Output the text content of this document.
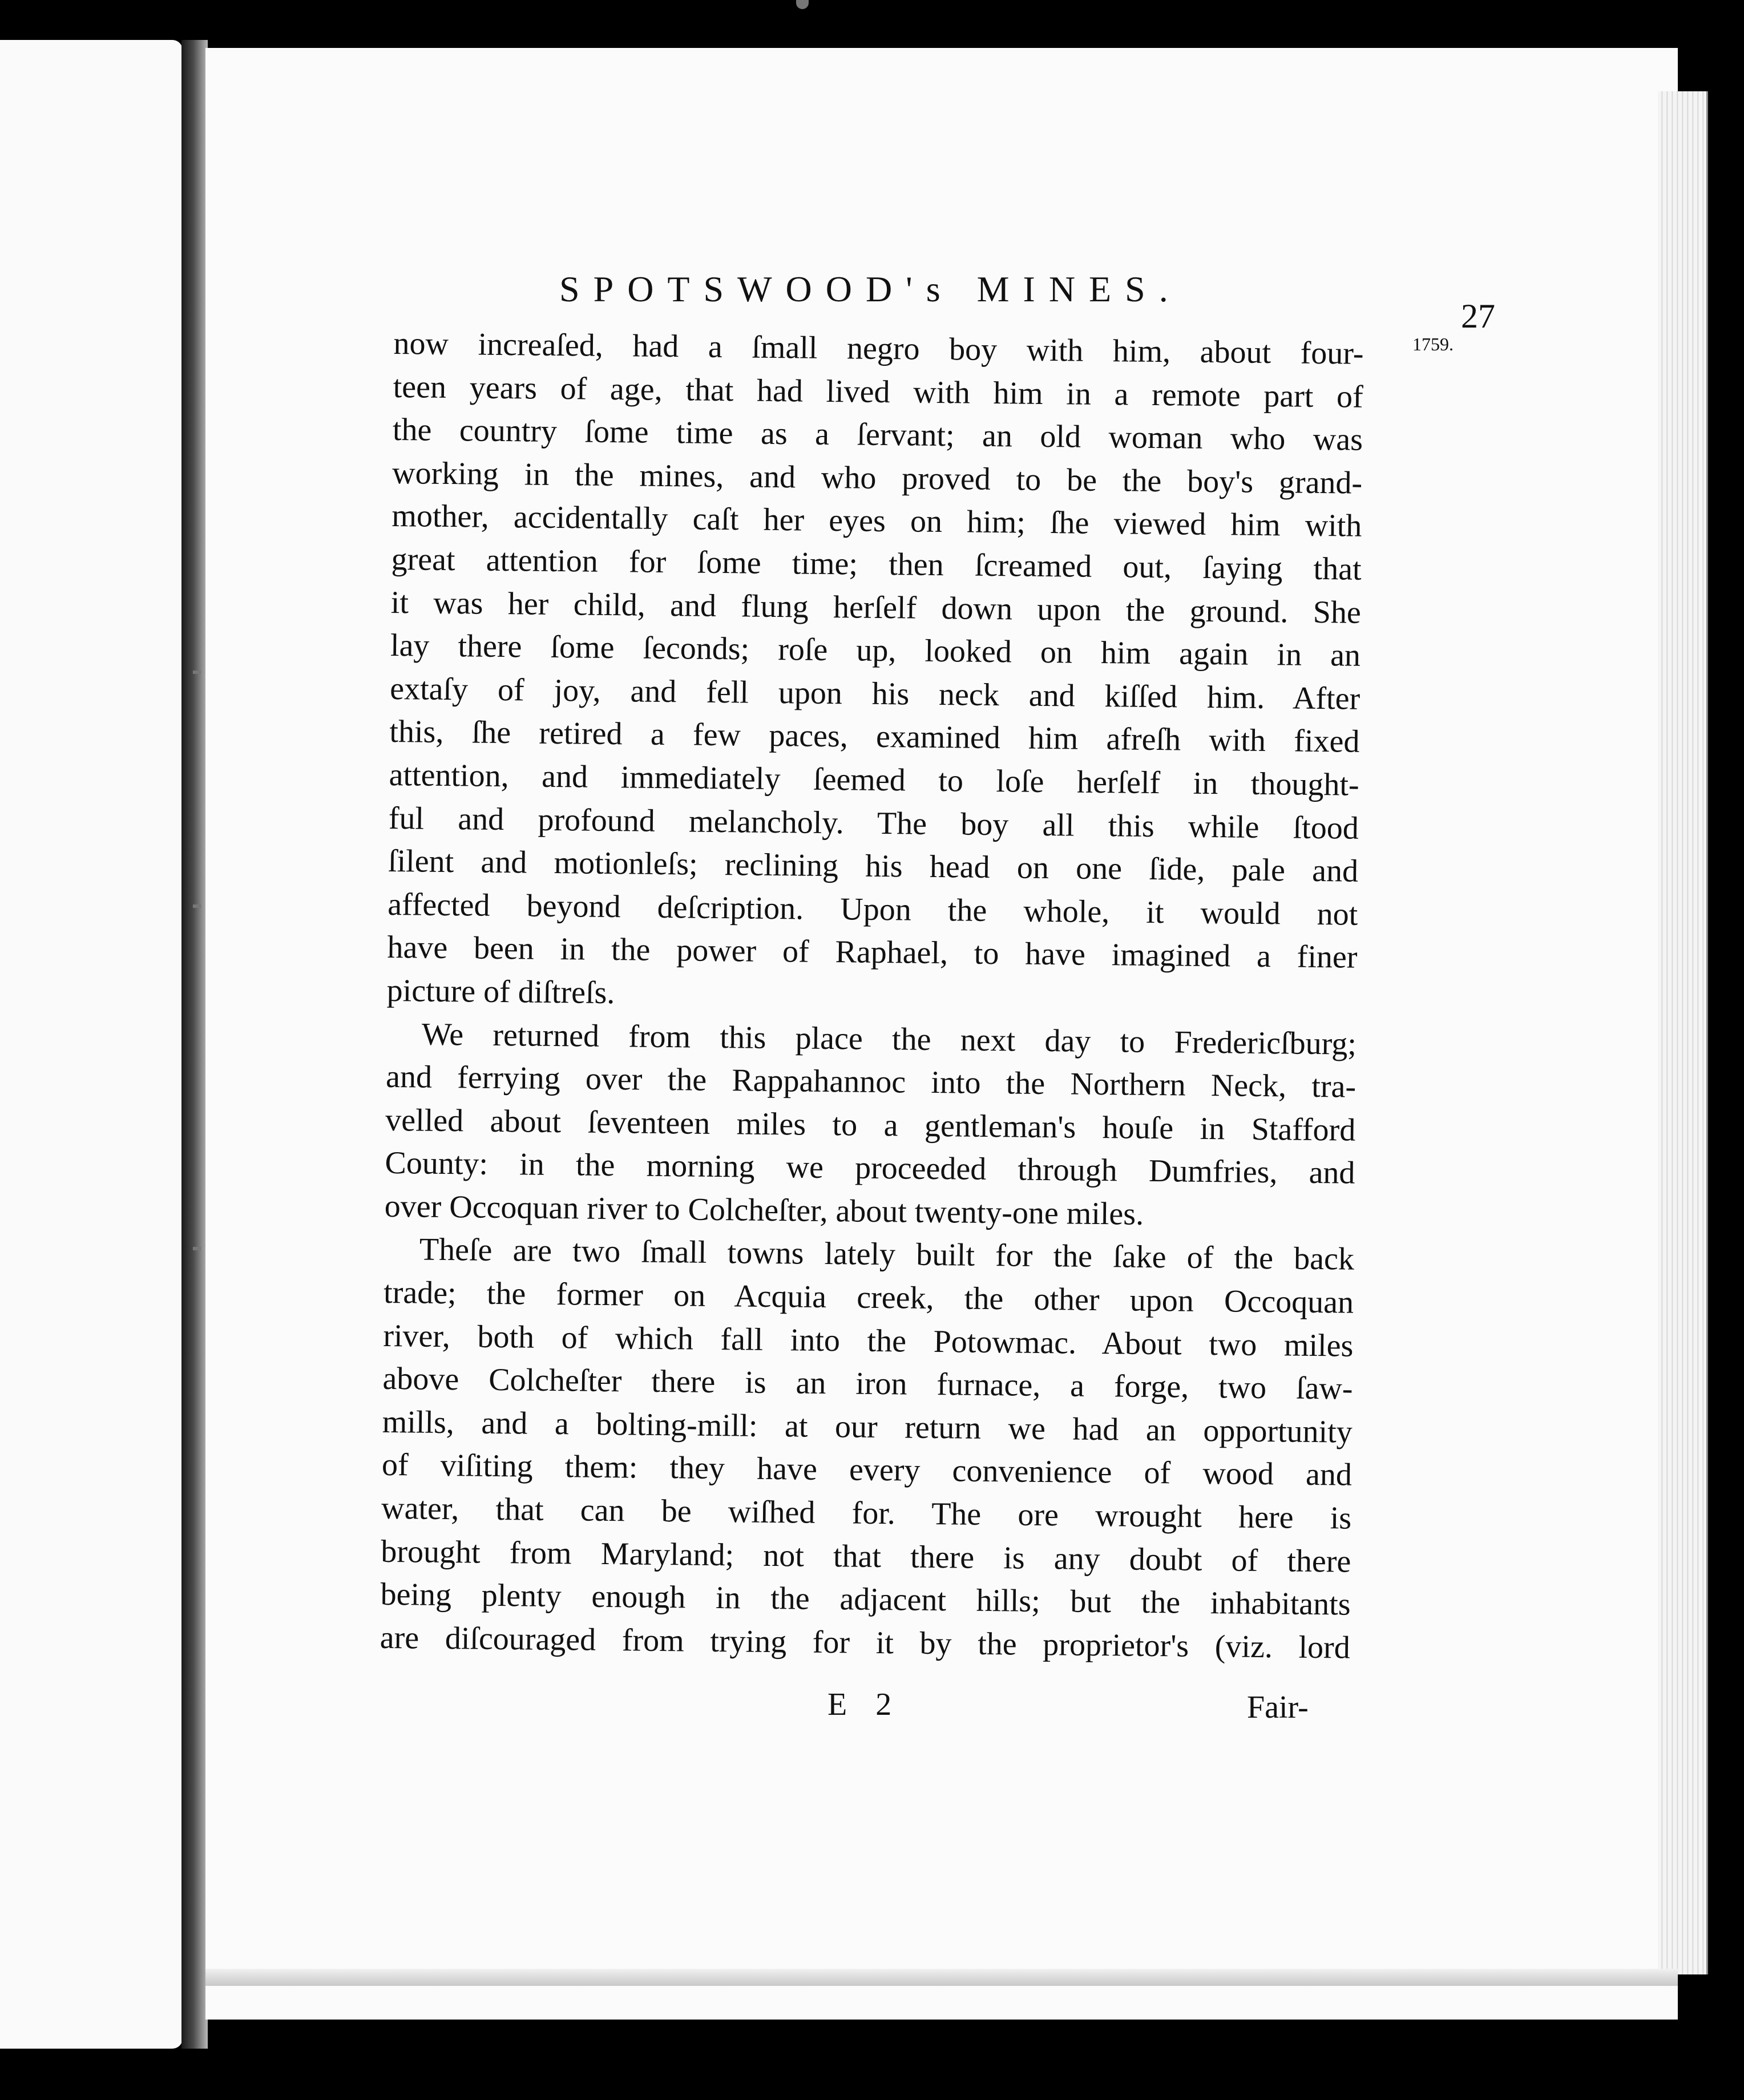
SPOTSWOOD's MINES.
27
1759.
now increaſed, had a ſmall negro boy with him, about four-
teen years of age, that had lived with him in a remote part of
the country ſome time as a ſervant; an old woman who was
working in the mines, and who proved to be the boy's grand-
mother, accidentally caſt her eyes on him; ſhe viewed him with
great attention for ſome time; then ſcreamed out, ſaying that
it was her child, and flung herſelf down upon the ground. She
lay there ſome ſeconds; roſe up, looked on him again in an
extaſy of joy, and fell upon his neck and kiſſed him. After
this, ſhe retired a few paces, examined him afreſh with fixed
attention, and immediately ſeemed to loſe herſelf in thought-
ful and profound melancholy. The boy all this while ſtood
ſilent and motionleſs; reclining his head on one ſide, pale and
affected beyond deſcription. Upon the whole, it would not
have been in the power of Raphael, to have imagined a finer
picture of diſtreſs.
We returned from this place the next day to Fredericſburg;
and ferrying over the Rappahannoc into the Northern Neck, tra-
velled about ſeventeen miles to a gentleman's houſe in Stafford
County: in the morning we proceeded through Dumfries, and
over Occoquan river to Colcheſter, about twenty-one miles.
Theſe are two ſmall towns lately built for the ſake of the back
trade; the former on Acquia creek, the other upon Occoquan
river, both of which fall into the Potowmac. About two miles
above Colcheſter there is an iron furnace, a forge, two ſaw-
mills, and a bolting-mill: at our return we had an opportunity
of viſiting them: they have every convenience of wood and
water, that can be wiſhed for. The ore wrought here is
brought from Maryland; not that there is any doubt of there
being plenty enough in the adjacent hills; but the inhabitants
are diſcouraged from trying for it by the proprietor's (viz. lord
E 2	Fair-
